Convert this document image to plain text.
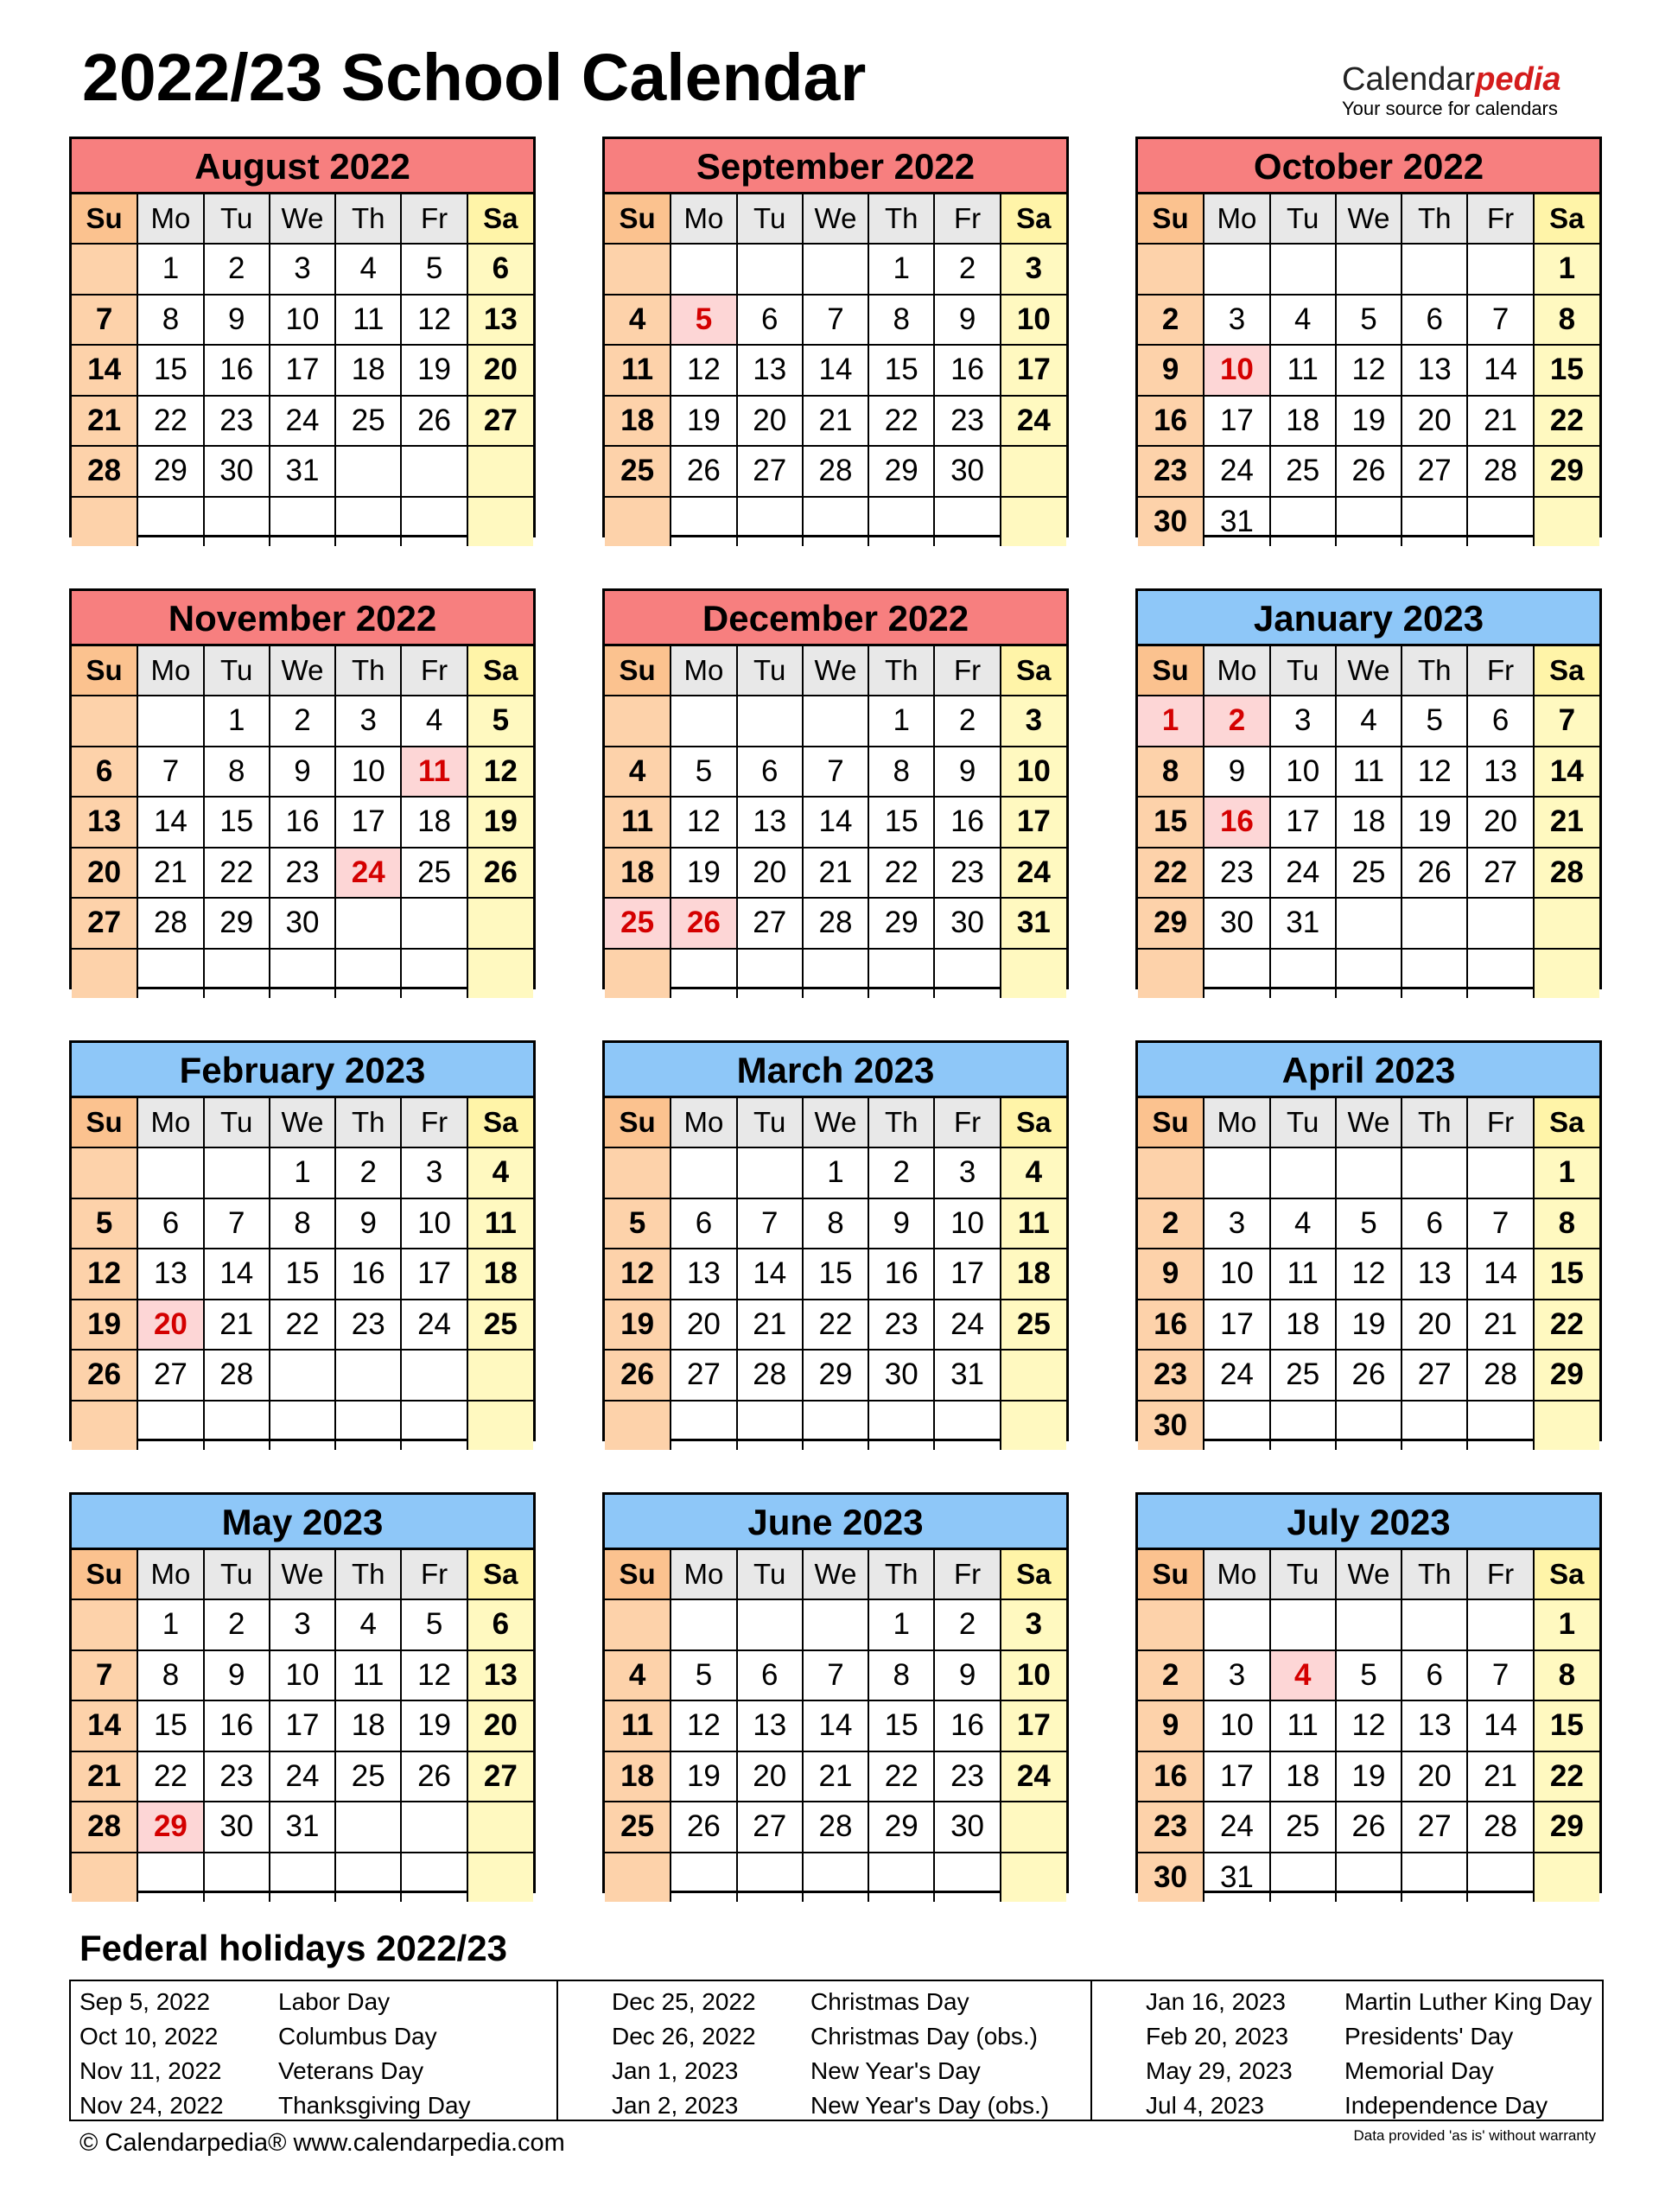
2022/23 School Calendar	Calendarpedia
Your source for calendars
August 2022
Su	Mo	Tu	We	Th	Fr	Sa
	1	2	3	4	5	6
7	8	9	10	11	12	13
14	15	16	17	18	19	20
21	22	23	24	25	26	27
28	29	30	31			

September 2022
Su	Mo	Tu	We	Th	Fr	Sa
				1	2	3
4	5	6	7	8	9	10
11	12	13	14	15	16	17
18	19	20	21	22	23	24
25	26	27	28	29	30	

October 2022
Su	Mo	Tu	We	Th	Fr	Sa
						1
2	3	4	5	6	7	8
9	10	11	12	13	14	15
16	17	18	19	20	21	22
23	24	25	26	27	28	29
30	31					
November 2022
Su	Mo	Tu	We	Th	Fr	Sa
		1	2	3	4	5
6	7	8	9	10	11	12
13	14	15	16	17	18	19
20	21	22	23	24	25	26
27	28	29	30			

December 2022
Su	Mo	Tu	We	Th	Fr	Sa
				1	2	3
4	5	6	7	8	9	10
11	12	13	14	15	16	17
18	19	20	21	22	23	24
25	26	27	28	29	30	31

January 2023
Su	Mo	Tu	We	Th	Fr	Sa
1	2	3	4	5	6	7
8	9	10	11	12	13	14
15	16	17	18	19	20	21
22	23	24	25	26	27	28
29	30	31				

February 2023
Su	Mo	Tu	We	Th	Fr	Sa
			1	2	3	4
5	6	7	8	9	10	11
12	13	14	15	16	17	18
19	20	21	22	23	24	25
26	27	28				

March 2023
Su	Mo	Tu	We	Th	Fr	Sa
			1	2	3	4
5	6	7	8	9	10	11
12	13	14	15	16	17	18
19	20	21	22	23	24	25
26	27	28	29	30	31	

April 2023
Su	Mo	Tu	We	Th	Fr	Sa
						1
2	3	4	5	6	7	8
9	10	11	12	13	14	15
16	17	18	19	20	21	22
23	24	25	26	27	28	29
30						
May 2023
Su	Mo	Tu	We	Th	Fr	Sa
	1	2	3	4	5	6
7	8	9	10	11	12	13
14	15	16	17	18	19	20
21	22	23	24	25	26	27
28	29	30	31			

June 2023
Su	Mo	Tu	We	Th	Fr	Sa
				1	2	3
4	5	6	7	8	9	10
11	12	13	14	15	16	17
18	19	20	21	22	23	24
25	26	27	28	29	30	

July 2023
Su	Mo	Tu	We	Th	Fr	Sa
						1
2	3	4	5	6	7	8
9	10	11	12	13	14	15
16	17	18	19	20	21	22
23	24	25	26	27	28	29
30	31					
Federal holidays 2022/23
Sep 5, 2022	Labor Day
Oct 10, 2022 Columbus Day
Nov 11, 2022 Veterans Day
Nov 24, 2022 Thanksgiving Day
Dec 25, 2022 Christmas Day
Dec 26, 2022 Christmas Day (obs.)
Jan 1, 2023	New Year's Day
Jan 2, 2023	New Year's Day (obs.)
Jan 16, 2023 Martin Luther King Day
Feb 20, 2023 Presidents' Day
May 29, 2023 Memorial Day
Jul 4, 2023	Independence Day
© Calendarpedia® www.calendarpedia.com	Data provided 'as is' without warranty
